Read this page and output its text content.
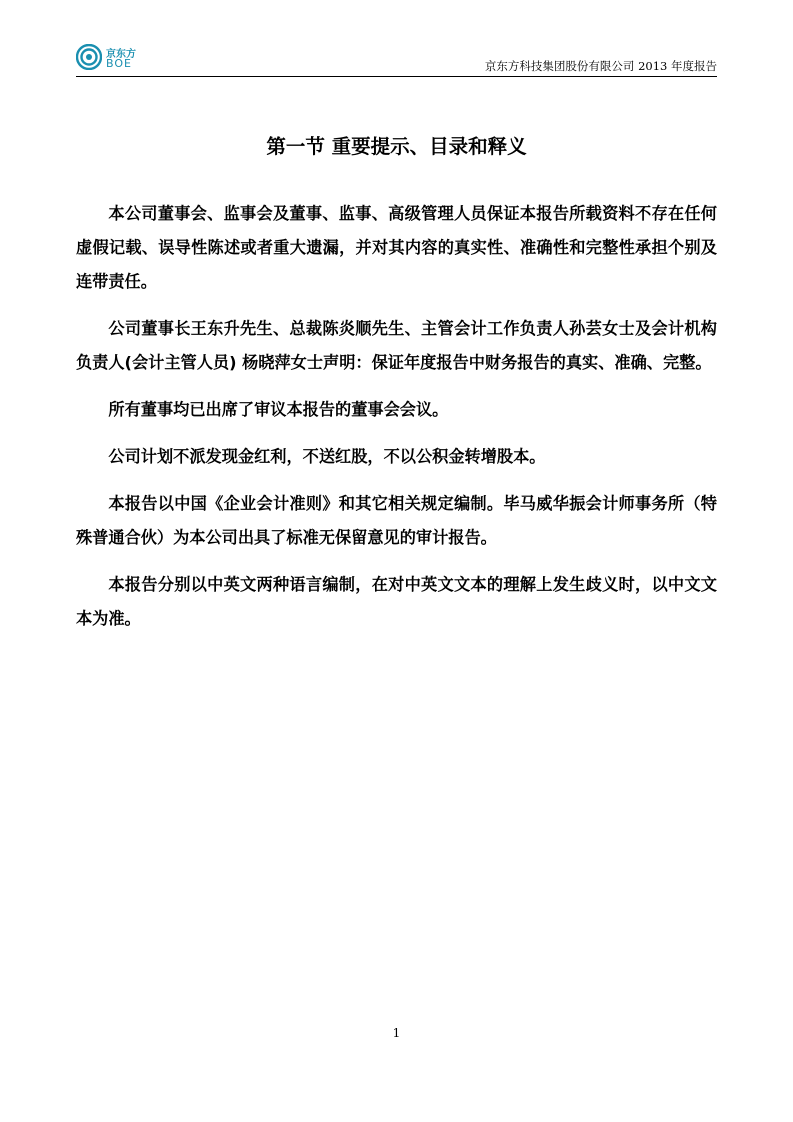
京东方
BOE	京东方科技集团股份有限公司 2013 年度报告
第一节 重要提示、目录和释义

本公司董事会、监事会及董事、监事、高级管理人员保证本报告所载资料不存在任何虚假记载、误导性陈述或者重大遗漏，并对其内容的真实性、准确性和完整性承担个别及连带责任。

公司董事长王东升先生、总裁陈炎顺先生、主管会计工作负责人孙芸女士及会计机构负责人(会计主管人员) 杨晓萍女士声明：保证年度报告中财务报告的真实、准确、完整。

所有董事均已出席了审议本报告的董事会会议。

公司计划不派发现金红利，不送红股，不以公积金转增股本。

本报告以中国《企业会计准则》和其它相关规定编制。毕马威华振会计师事务所（特殊普通合伙）为本公司出具了标准无保留意见的审计报告。

本报告分别以中英文两种语言编制，在对中英文文本的理解上发生歧义时，以中文文本为准。

1
